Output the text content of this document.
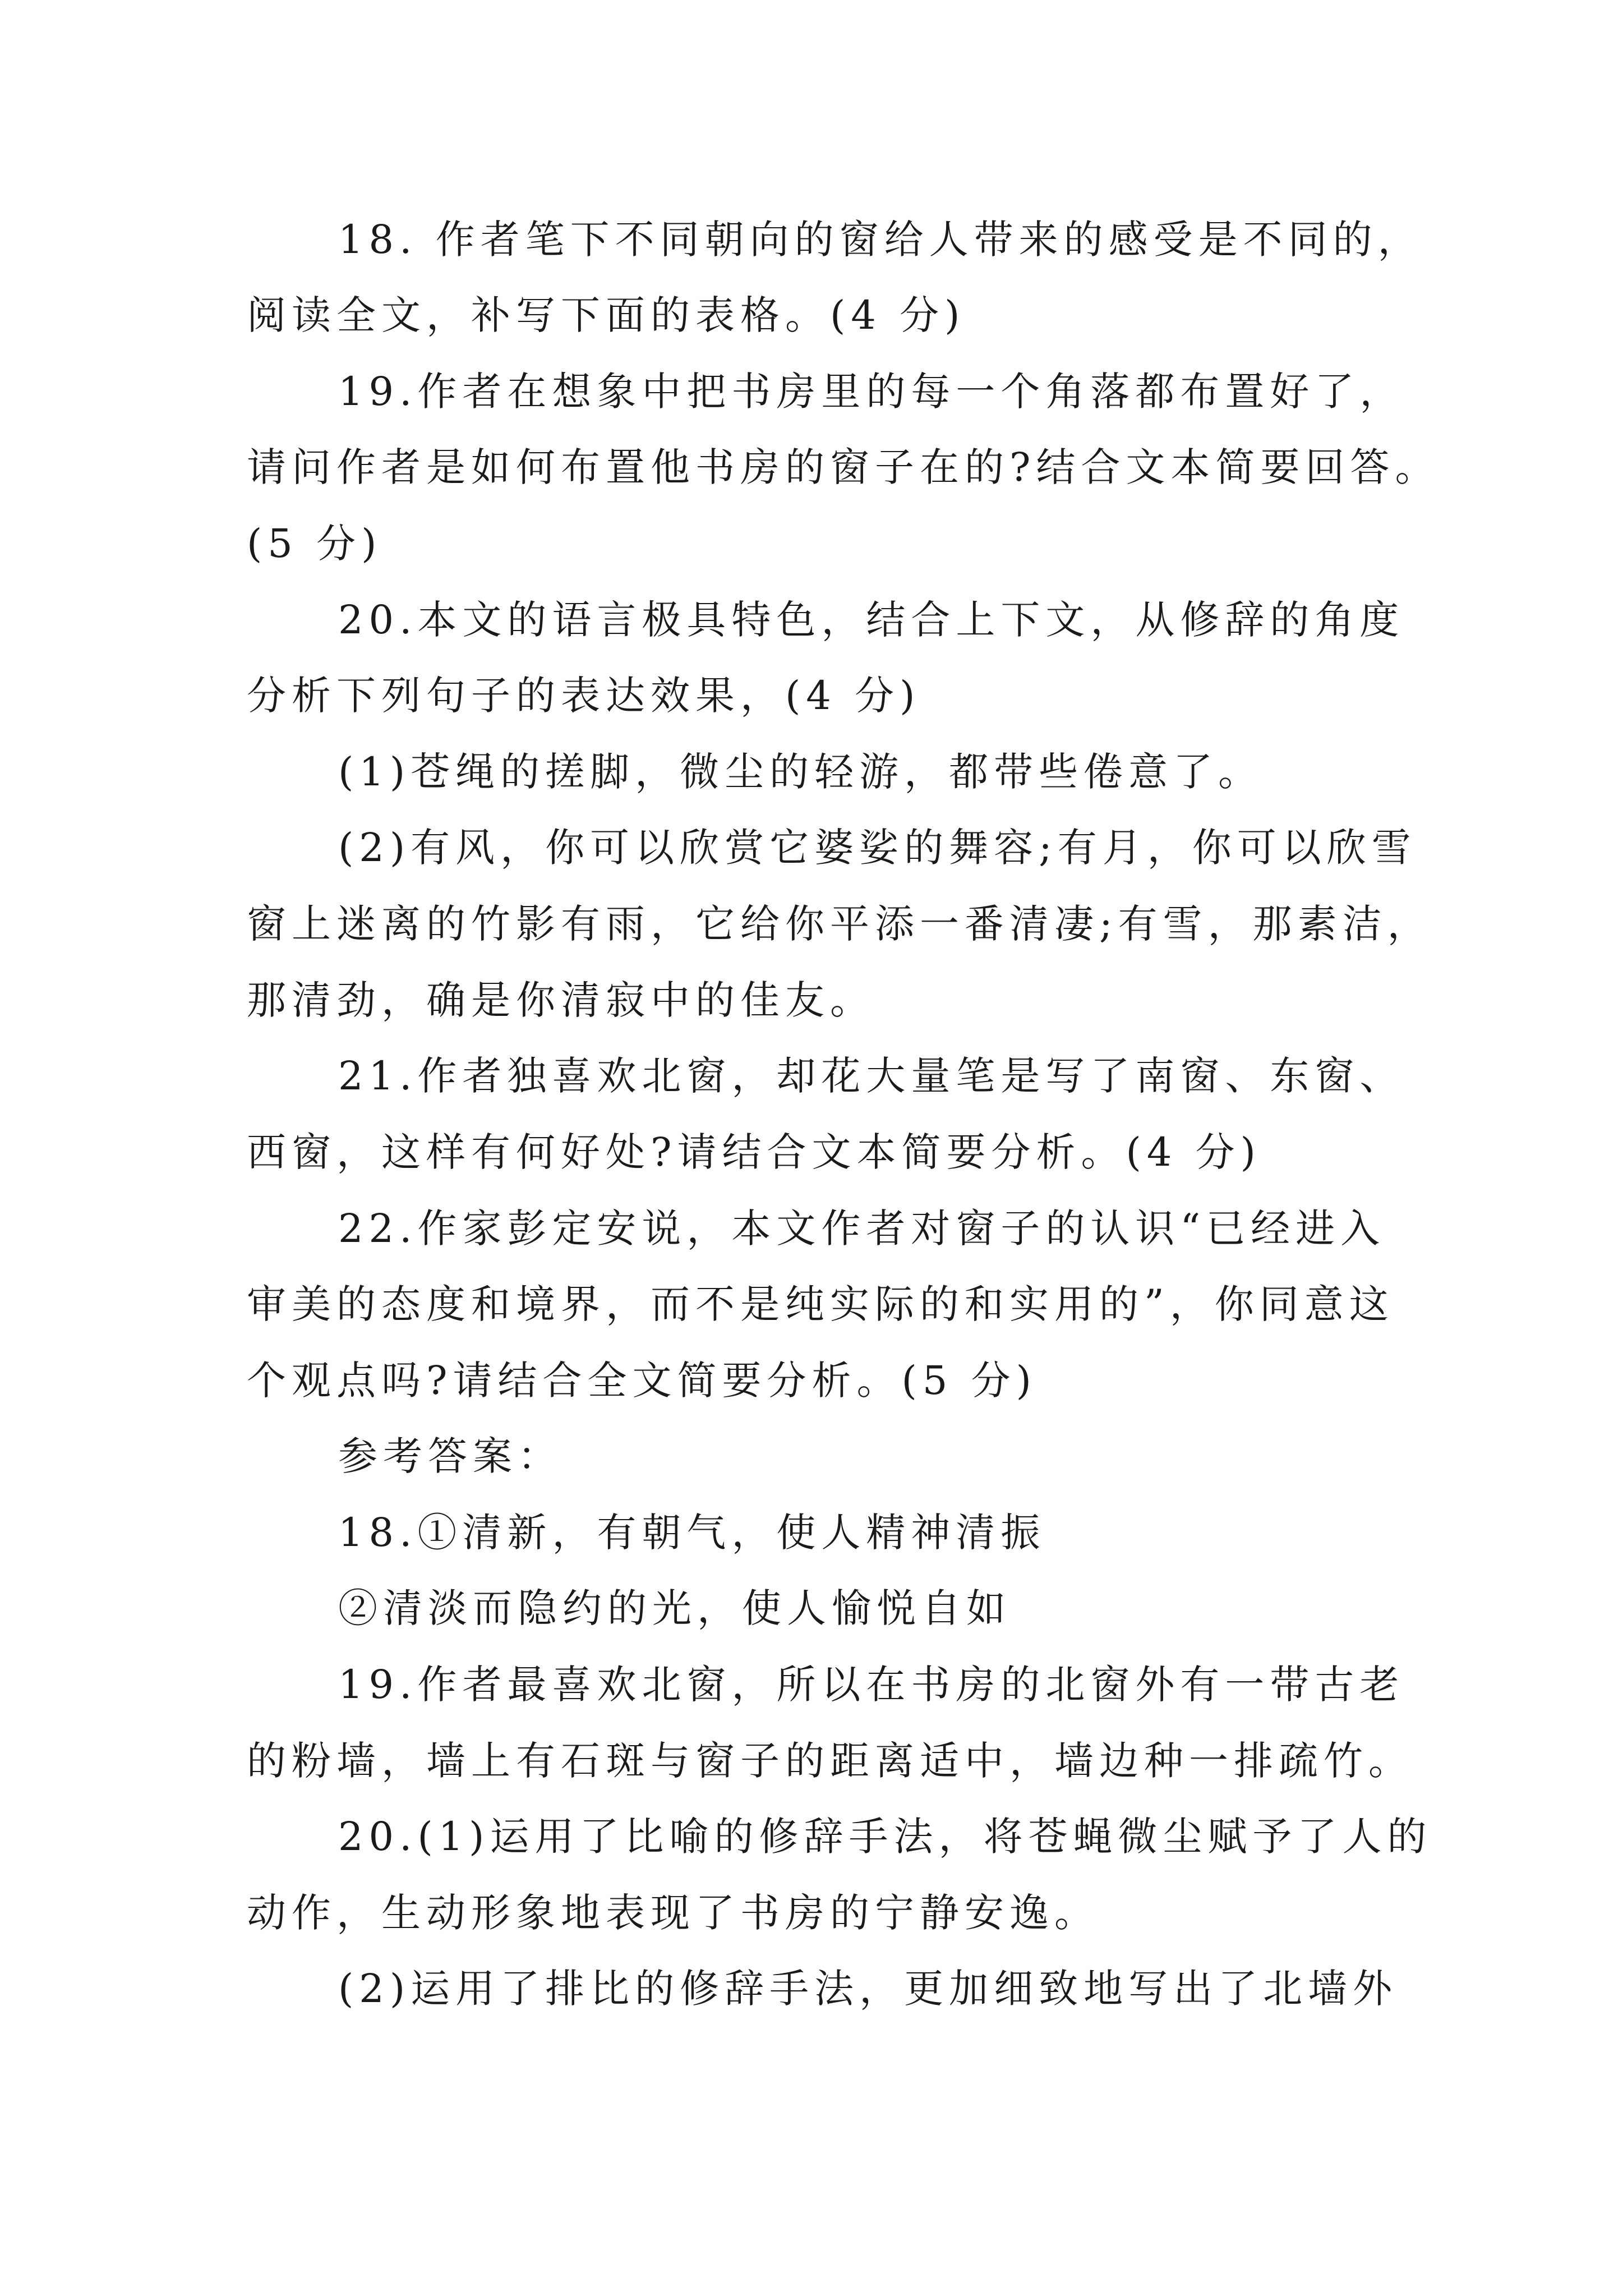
18. 作者笔下不同朝向的窗给人带来的感受是不同的，
阅读全文，补写下面的表格。(4 分)
19.作者在想象中把书房里的每一个角落都布置好了，
请问作者是如何布置他书房的窗子在的?结合文本简要回答。
(5 分)
20.本文的语言极具特色，结合上下文，从修辞的角度
分析下列句子的表达效果，(4 分)
(1)苍绳的搓脚，微尘的轻游，都带些倦意了。
(2)有风，你可以欣赏它婆娑的舞容;有月，你可以欣雪
窗上迷离的竹影有雨，它给你平添一番清凄;有雪，那素洁，
那清劲，确是你清寂中的佳友。
21.作者独喜欢北窗，却花大量笔是写了南窗、东窗、
西窗，这样有何好处?请结合文本简要分析。(4 分)
22.作家彭定安说，本文作者对窗子的认识“已经进入
审美的态度和境界，而不是纯实际的和实用的”，你同意这
个观点吗?请结合全文简要分析。(5 分)
参考答案：
18.①清新，有朝气，使人精神清振
②清淡而隐约的光，使人愉悦自如
19.作者最喜欢北窗，所以在书房的北窗外有一带古老
的粉墙，墙上有石斑与窗子的距离适中，墙边种一排疏竹。
20.(1)运用了比喻的修辞手法，将苍蝇微尘赋予了人的
动作，生动形象地表现了书房的宁静安逸。
(2)运用了排比的修辞手法，更加细致地写出了北墙外
